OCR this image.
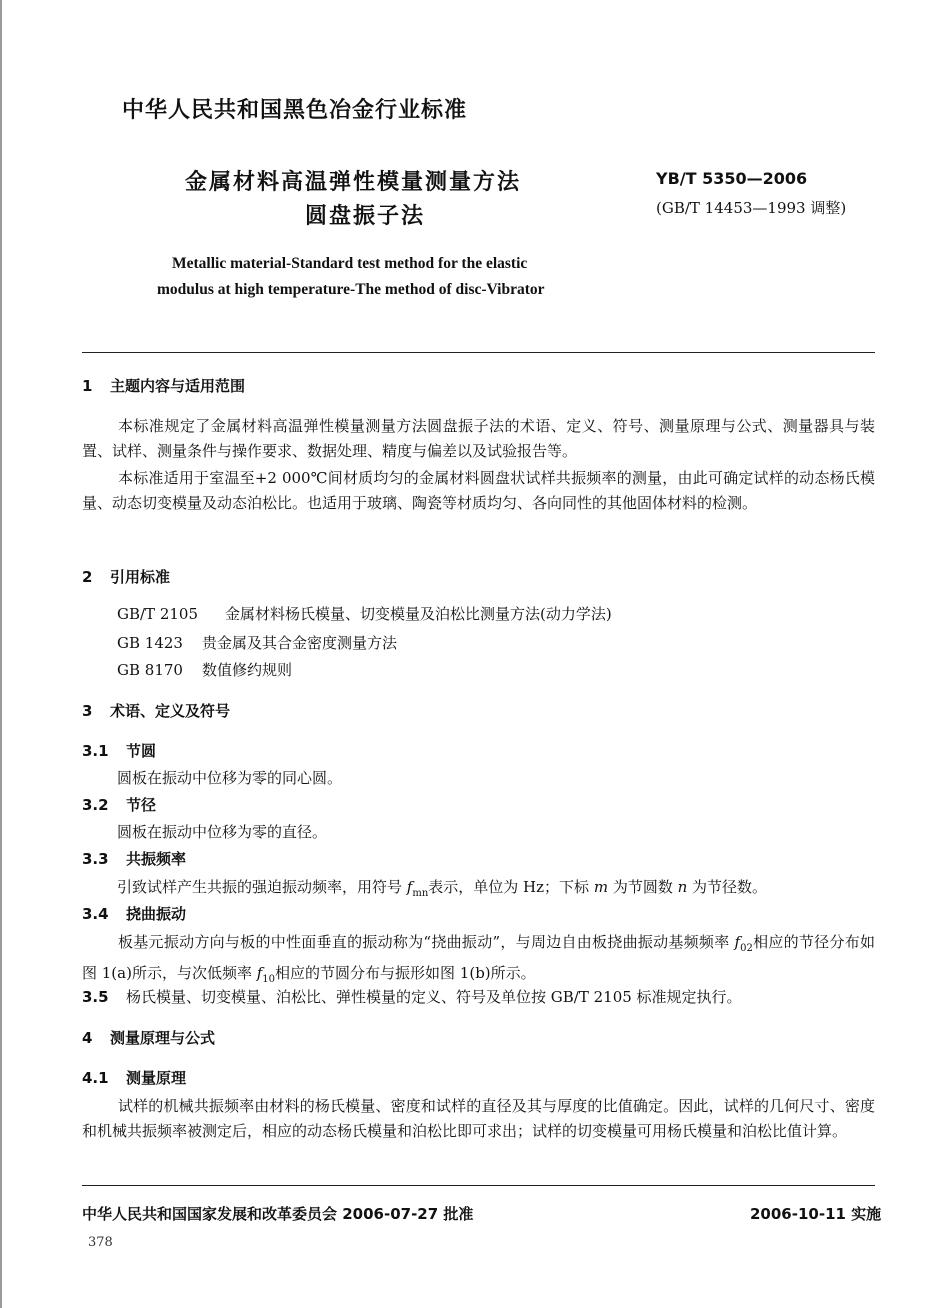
中华人民共和国黑色冶金行业标准
金属材料高温弹性模量测量方法
圆盘振子法
YB/T 5350—2006
(GB/T 14453—1993 调整)
Metallic material-Standard test method for the elastic
modulus at high temperature-The method of disc-Vibrator
1 主题内容与适用范围
本标准规定了金属材料高温弹性模量测量方法圆盘振子法的术语、定义、符号、测量原理与公式、测量器具与装置、试样、测量条件与操作要求、数据处理、精度与偏差以及试验报告等。
本标准适用于室温至+2 000℃间材质均匀的金属材料圆盘状试样共振频率的测量，由此可确定试样的动态杨氏模量、动态切变模量及动态泊松比。也适用于玻璃、陶瓷等材质均匀、各向同性的其他固体材料的检测。
2 引用标准
GB/T 2105 金属材料杨氏模量、切变模量及泊松比测量方法(动力学法)
GB 1423 贵金属及其合金密度测量方法
GB 8170 数值修约规则
3 术语、定义及符号
3.1 节圆
圆板在振动中位移为零的同心圆。
3.2 节径
圆板在振动中位移为零的直径。
3.3 共振频率
引致试样产生共振的强迫振动频率，用符号 $f_{mn}$表示，单位为 Hz；下标 m 为节圆数 n 为节径数。
3.4 挠曲振动
板基元振动方向与板的中性面垂直的振动称为“挠曲振动”，与周边自由板挠曲振动基频频率 $f_{02}$相应的节径分布如图 1(a)所示，与次低频率 $f_{10}$相应的节圆分布与振形如图 1(b)所示。
3.5 杨氏模量、切变模量、泊松比、弹性模量的定义、符号及单位按 GB/T 2105 标准规定执行。
4 测量原理与公式
4.1 测量原理
试样的机械共振频率由材料的杨氏模量、密度和试样的直径及其与厚度的比值确定。因此，试样的几何尺寸、密度和机械共振频率被测定后，相应的动态杨氏模量和泊松比即可求出；试样的切变模量可用杨氏模量和泊松比值计算。
中华人民共和国国家发展和改革委员会 2006-07-27 批准	2006-10-11 实施
378
